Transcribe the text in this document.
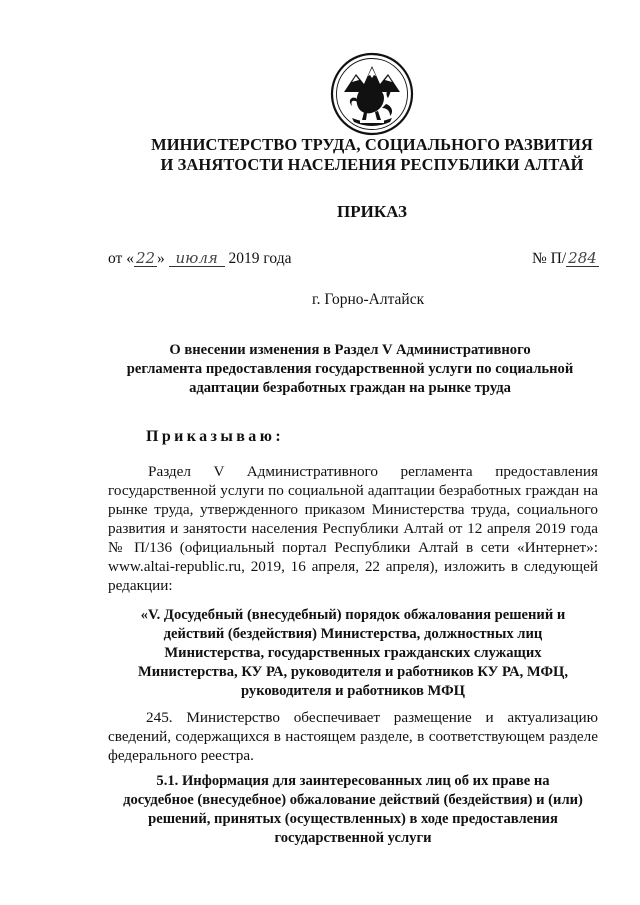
МИНИСТЕРСТВО ТРУДА, СОЦИАЛЬНОГО РАЗВИТИЯ
И ЗАНЯТОСТИ НАСЕЛЕНИЯ РЕСПУБЛИКИ АЛТАЙ
ПРИКАЗ
от « 22 » июля 2019 года	№ П/ 284
г. Горно-Алтайск
О внесении изменения в Раздел V Административного
регламента предоставления государственной услуги по социальной
адаптации безработных граждан на рынке труда
Приказываю:
Раздел V Административного регламента предоставления
государственной услуги по социальной адаптации безработных граждан на
рынке труда, утвержденного приказом Министерства труда, социального
развития и занятости населения Республики Алтай от 12 апреля 2019 года
№ П/136 (официальный портал Республики Алтай в сети «Интернет»:
www.altai-republic.ru, 2019, 16 апреля, 22 апреля), изложить в следующей
редакции:
«V. Досудебный (внесудебный) порядок обжалования решений и
действий (бездействия) Министерства, должностных лиц
Министерства, государственных гражданских служащих
Министерства, КУ РА, руководителя и работников КУ РА, МФЦ,
руководителя и работников МФЦ
245. Министерство обеспечивает размещение и актуализацию
сведений, содержащихся в настоящем разделе, в соответствующем разделе
федерального реестра.
5.1. Информация для заинтересованных лиц об их праве на
досудебное (внесудебное) обжалование действий (бездействия) и (или)
решений, принятых (осуществленных) в ходе предоставления
государственной услуги
